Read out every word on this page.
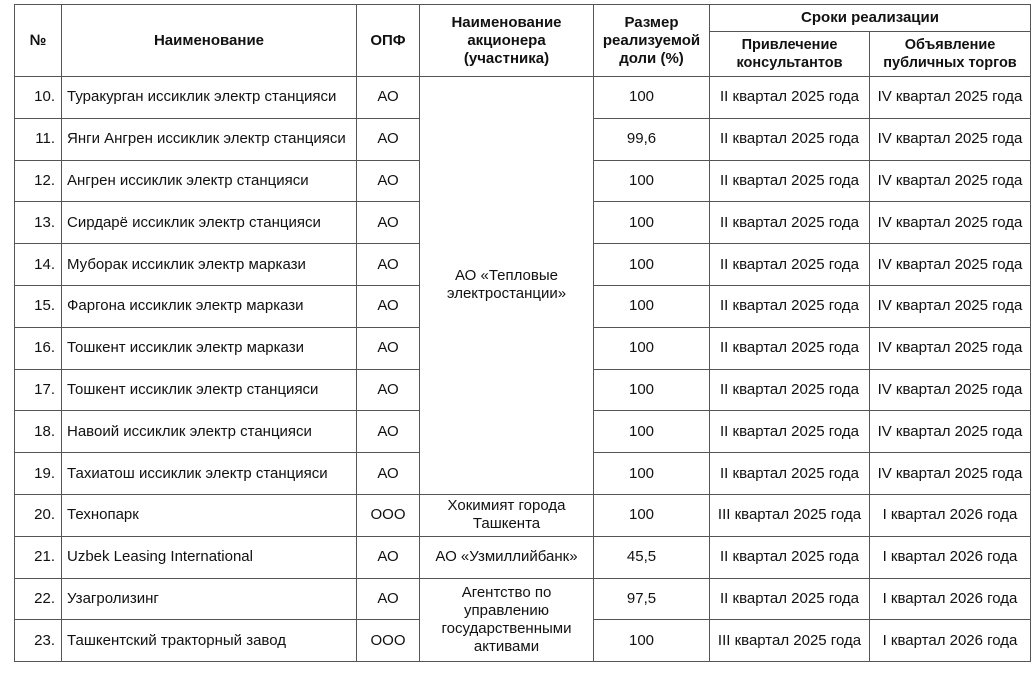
№	Наименование	ОПФ	Наименование акционера (участника)	Размер реализуемой доли (%)	Сроки реализации	
					Привлечение консультантов	Объявление публичных торгов
10.	Туракурган иссиклик электр станцияси	АО	АО «Тепловые электростанции»	100	II квартал 2025 года	IV квартал 2025 года
11.	Янги Ангрен иссиклик электр станцияси	АО		99,6	II квартал 2025 года	IV квартал 2025 года
12.	Ангрен иссиклик электр станцияси	АО		100	II квартал 2025 года	IV квартал 2025 года
13.	Сирдарё иссиклик электр станцияси	АО		100	II квартал 2025 года	IV квартал 2025 года
14.	Муборак иссиклик электр маркази	АО		100	II квартал 2025 года	IV квартал 2025 года
15.	Фаргона иссиклик электр маркази	АО		100	II квартал 2025 года	IV квартал 2025 года
16.	Тошкент иссиклик электр маркази	АО		100	II квартал 2025 года	IV квартал 2025 года
17.	Тошкент иссиклик электр станцияси	АО		100	II квартал 2025 года	IV квартал 2025 года
18.	Навоий иссиклик электр станцияси	АО		100	II квартал 2025 года	IV квартал 2025 года
19.	Тахиатош иссиклик электр станцияси	АО		100	II квартал 2025 года	IV квартал 2025 года
20.	Технопарк	ООО	Хокимият города Ташкента	100	III квартал 2025 года	I квартал 2026 года
21.	Uzbek Leasing International	АО	АО «Узмиллийбанк»	45,5	II квартал 2025 года	I квартал 2026 года
22.	Узагролизинг	АО	Агентство по управлению государственными активами	97,5	II квартал 2025 года	I квартал 2026 года
23.	Ташкентский тракторный завод	ООО		100	III квартал 2025 года	I квартал 2026 года
